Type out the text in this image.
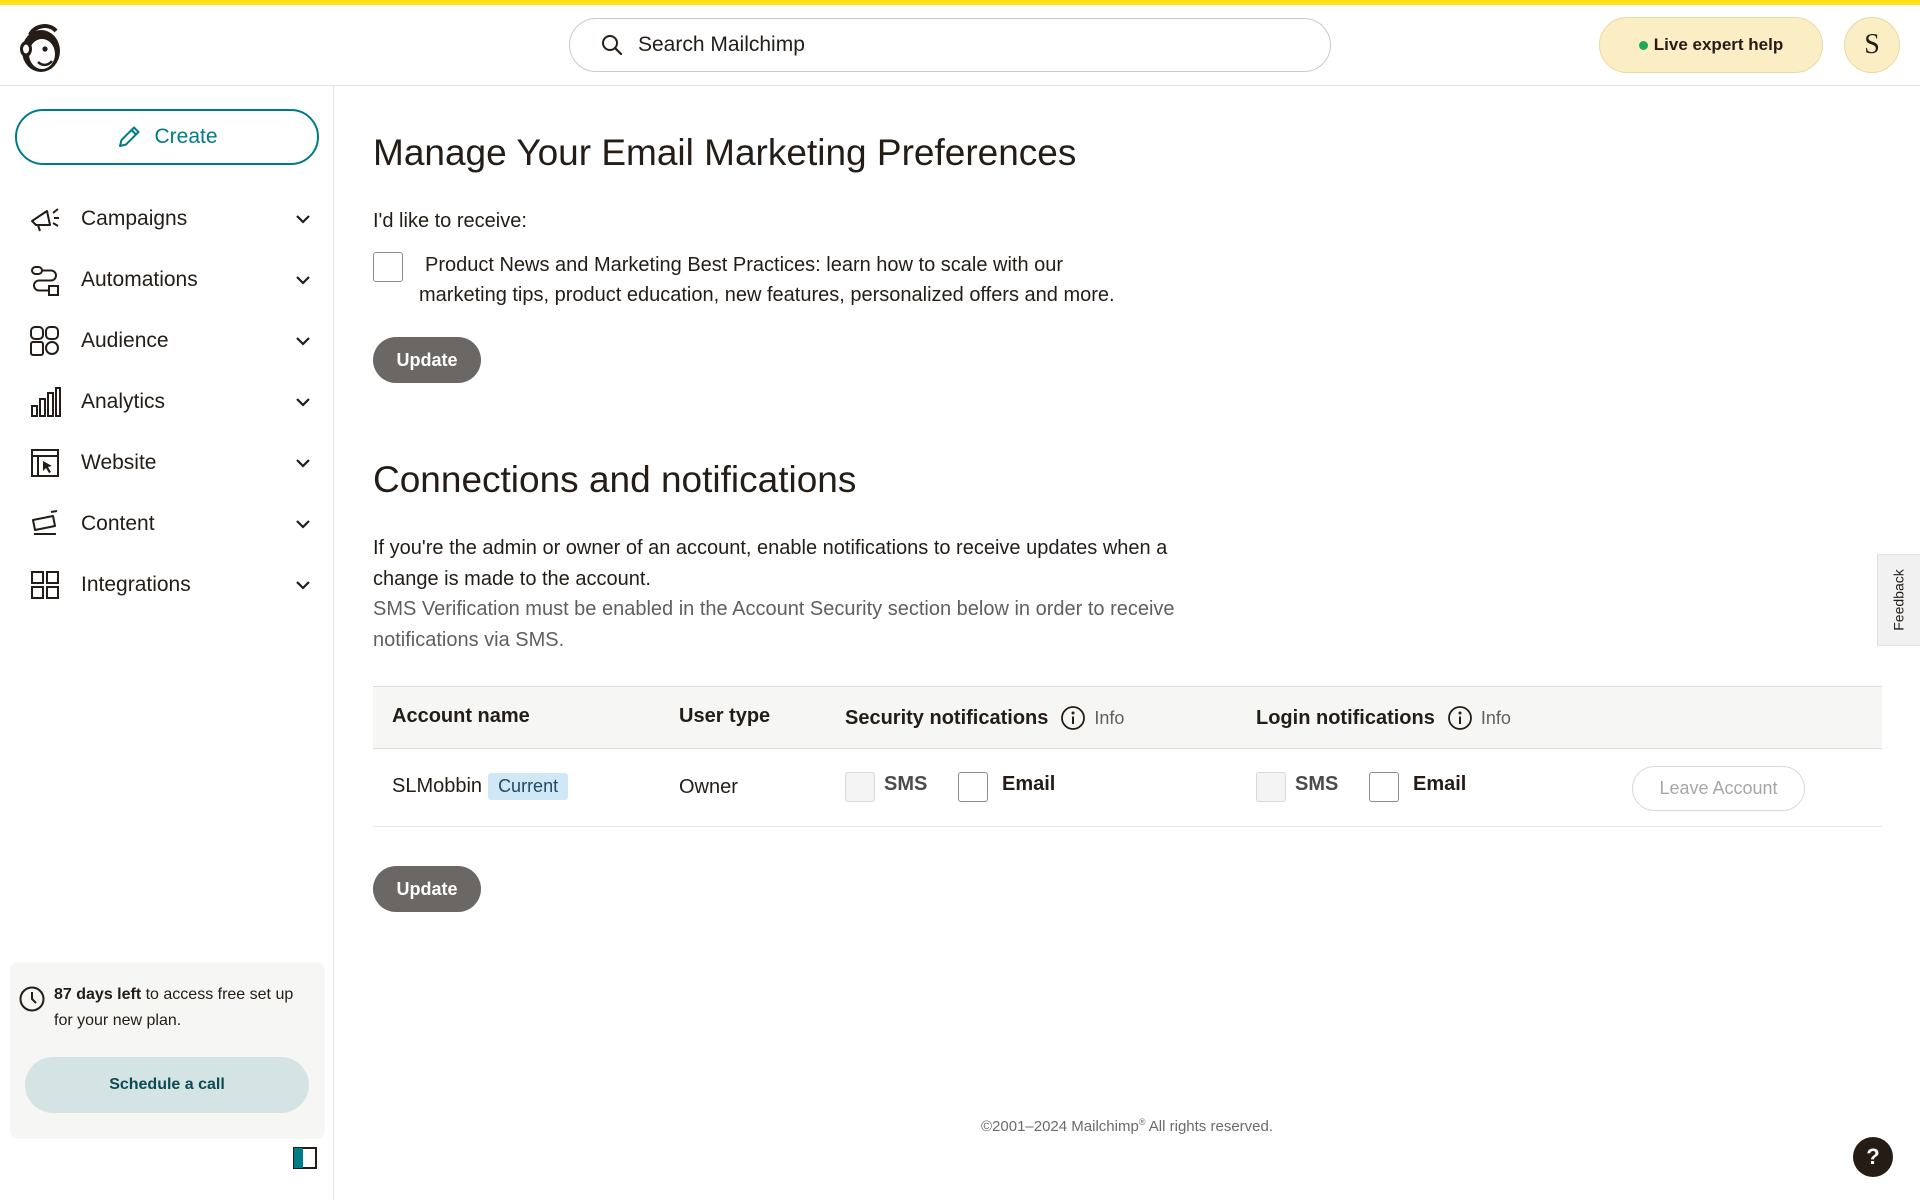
Search Mailchimp	Live expert help	S
Create
Campaigns
Automations
Audience
Analytics
Website
Content
Integrations
87 days left to access free set up for your new plan.
Schedule a call
Manage Your Email Marketing Preferences
I'd like to receive:
Product News and Marketing Best Practices: learn how to scale with our
marketing tips, product education, new features, personalized offers and more.
Update
Connections and notifications
If you're the admin or owner of an account, enable notifications to receive updates when a change is made to the account.
SMS Verification must be enabled in the Account Security section below in order to receive notifications via SMS.
Account name	User type	Security notifications	Info	Login notifications	Info
SLMobbin Current	Owner	SMS	Email	SMS	Email	Leave Account
Update
©2001–2024 Mailchimp® All rights reserved.
Feedback
?
